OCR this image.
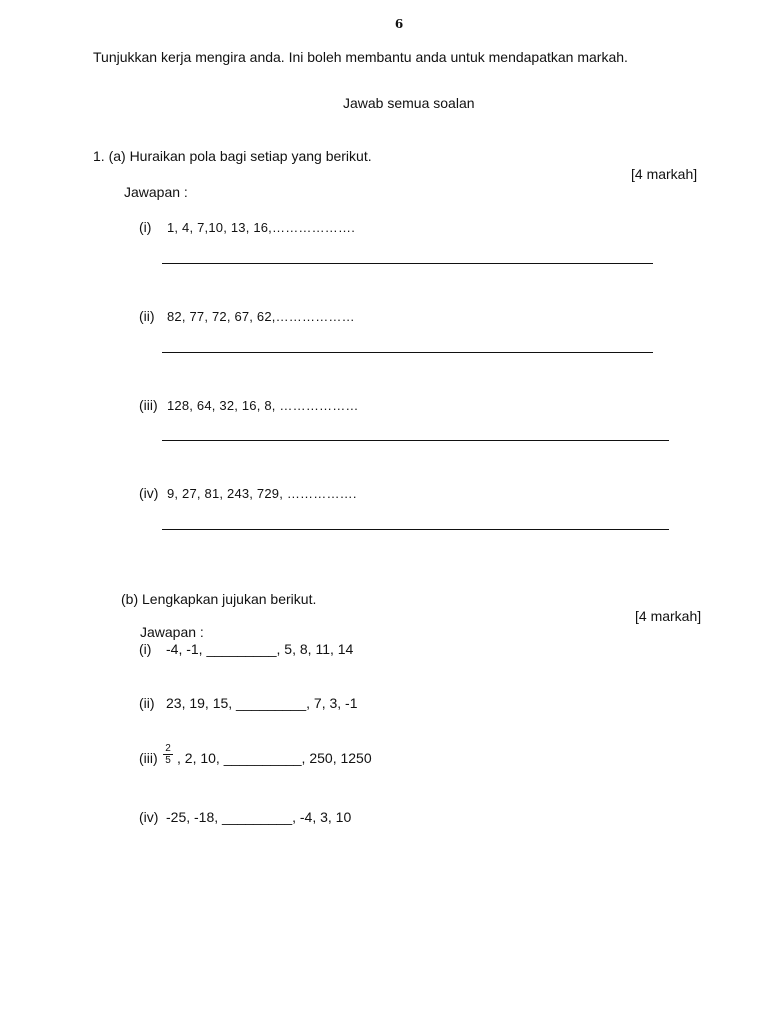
6
Tunjukkan kerja mengira anda. Ini boleh membantu anda untuk mendapatkan markah.
Jawab semua soalan
1. (a) Huraikan pola bagi setiap yang berikut.
[4 markah]
Jawapan :
(i) 1, 4, 7,10, 13, 16,……………….
(ii) 82, 77, 72, 67, 62,………………
(iii) 128, 64, 32, 16, 8, ………………
(iv) 9, 27, 81, 243, 729, …………….
(b) Lengkapkan jujukan berikut.
[4 markah]
Jawapan :
(i) -4, -1, _________, 5, 8, 11, 14
(ii) 23, 19, 15, _________, 7, 3, -1
(iii)
2
5 , 2, 10, __________, 250, 1250
(iv) -25, -18, _________, -4, 3, 10
